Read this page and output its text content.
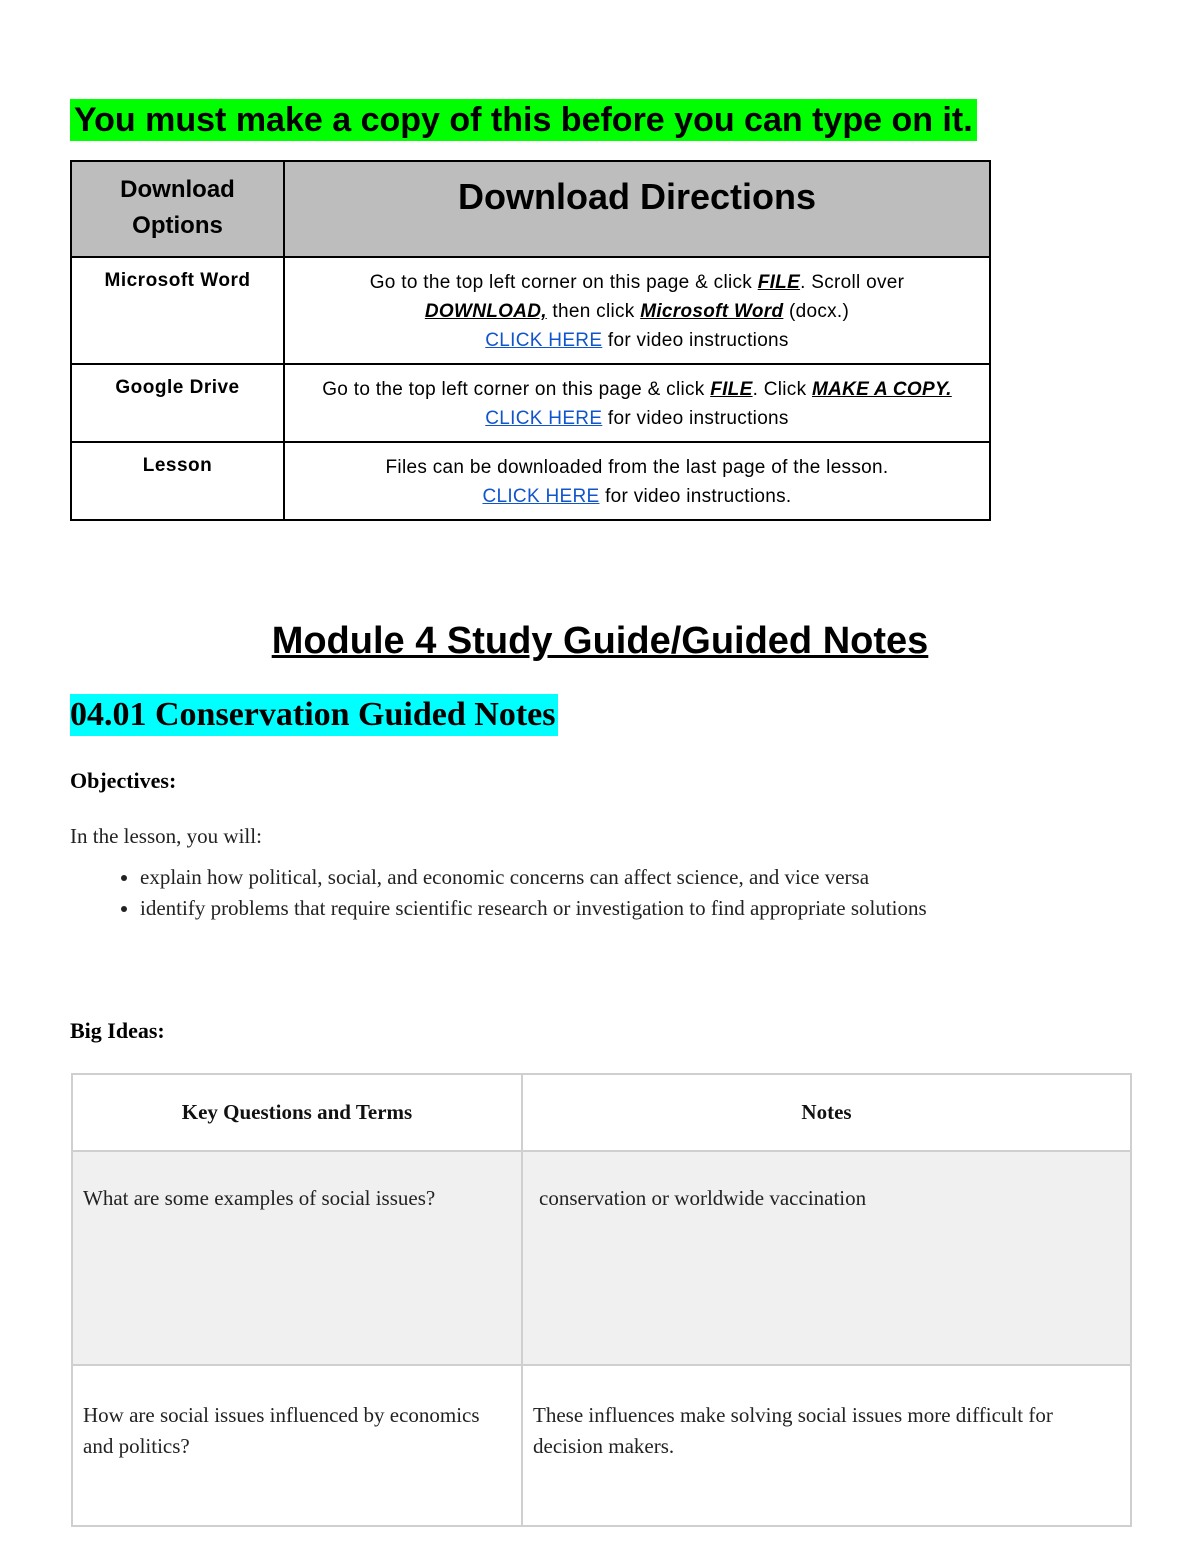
You must make a copy of this before you can type on it.
Download Options	Download Directions
Microsoft Word	Go to the top left corner on this page & click FILE. Scroll over
DOWNLOAD, then click Microsoft Word (docx.)
CLICK HERE for video instructions
Google Drive	Go to the top left corner on this page & click FILE. Click MAKE A COPY. CLICK HERE for video instructions
Lesson	Files can be downloaded from the last page of the lesson.
CLICK HERE for video instructions.
Module 4 Study Guide/Guided Notes
04.01 Conservation Guided Notes
Objectives:
In the lesson, you will:
• explain how political, social, and economic concerns can affect science, and vice versa
• identify problems that require scientific research or investigation to find appropriate solutions
Big Ideas:
Key Questions and Terms	Notes
What are some examples of social issues?	conservation or worldwide vaccination
How are social issues influenced by economics and politics?	These influences make solving social issues more difficult for decision makers.
